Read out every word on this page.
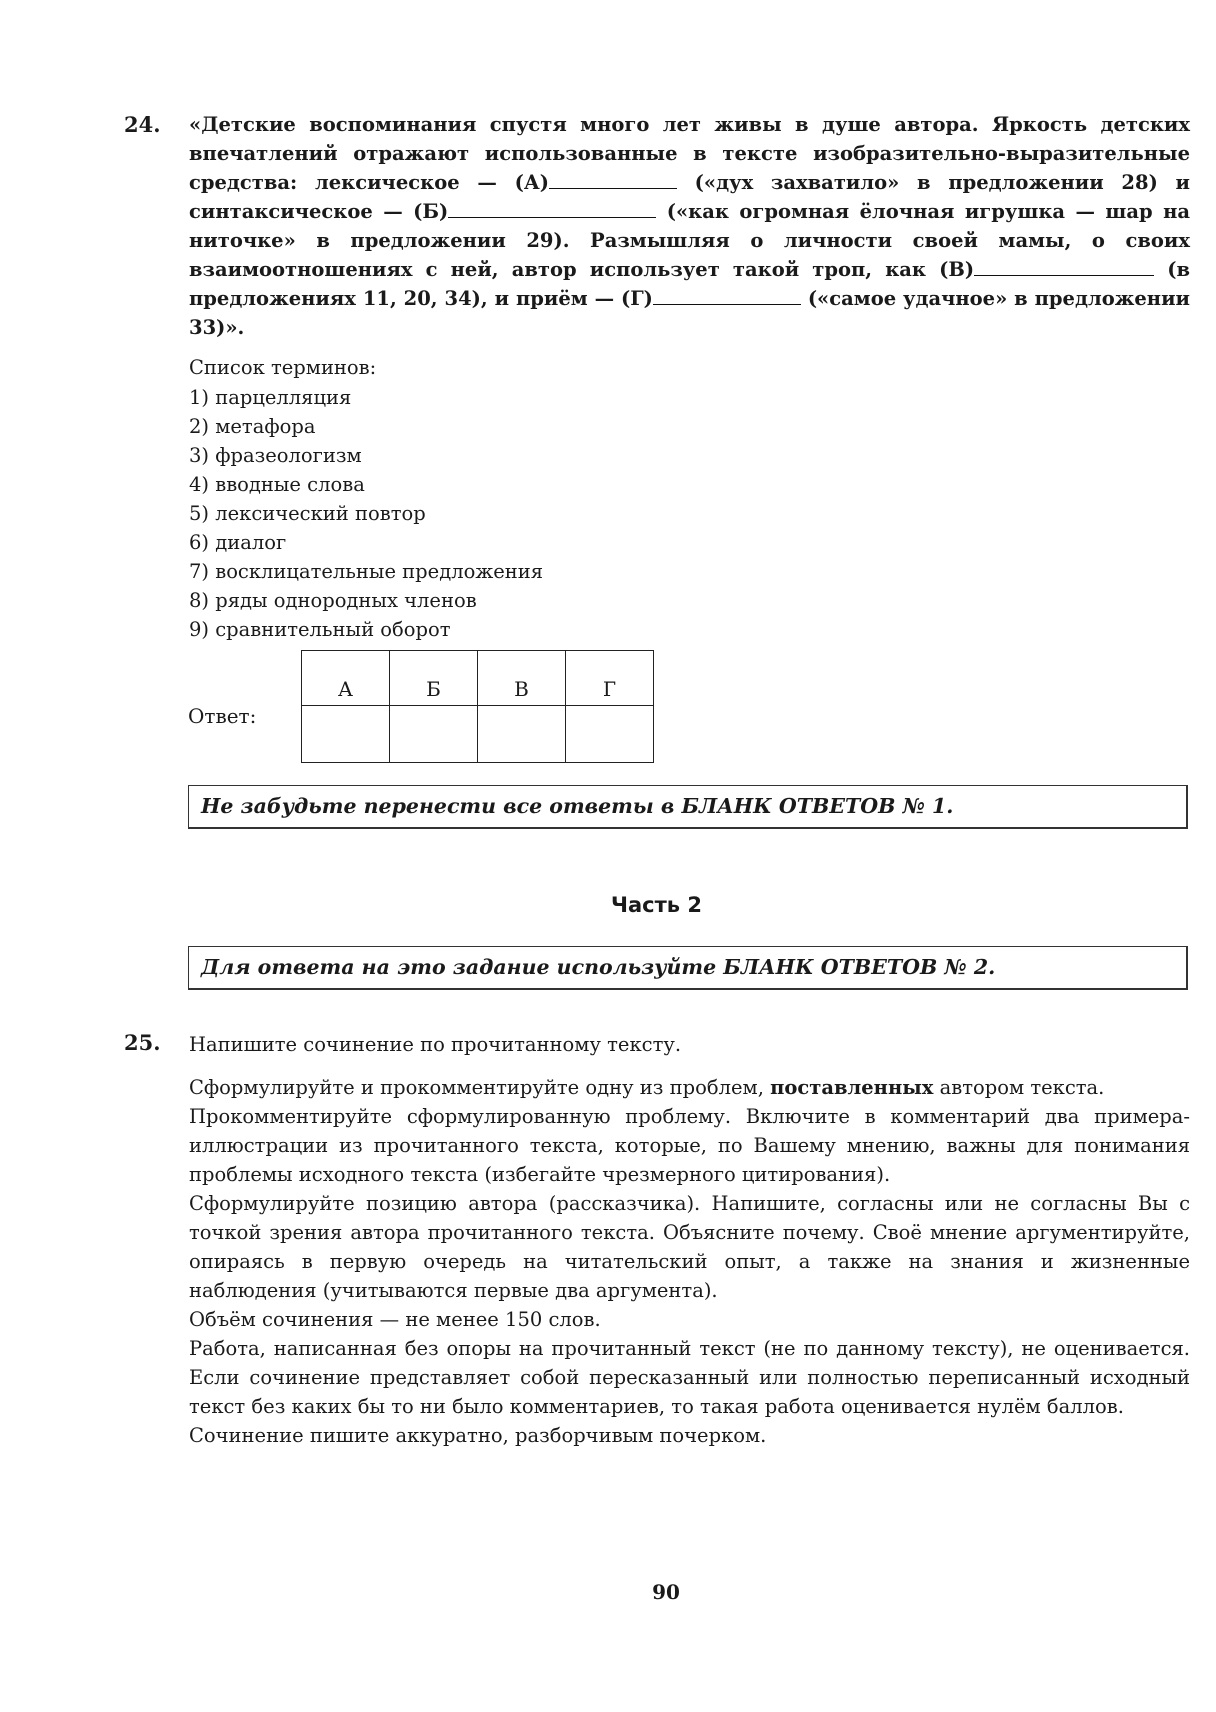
24. «Детские воспоминания спустя много лет живы в душе автора. Яркость детских впечатлений отражают использованные в тексте изобразительно-выразительные средства: лексическое — (А)	(«дух захватило» в предложении 28) и синтаксическое — (Б)	(«как огромная ёлочная игрушка — шар на ниточке» в предложении 29). Размышляя о личности своей мамы, о своих взаимоотношениях с ней, автор использует такой троп, как (В)	(в предложениях 11, 20, 34), и приём — (Г)	(«самое удачное» в предложении 33)».

Список терминов:
1) парцелляция
2) метафора
3) фразеологизм
4) вводные слова
5) лексический повтор
6) диалог
7) восклицательные предложения
8) ряды однородных членов
9) сравнительный оборот
Ответ:
А	Б	В	Г

Не забудьте перенести все ответы в БЛАНК ОТВЕТОВ № 1.
Часть 2
Для ответа на это задание используйте БЛАНК ОТВЕТОВ № 2.
25. Напишите сочинение по прочитанному тексту.

Сформулируйте и прокомментируйте одну из проблем, поставленных автором текста.

Прокомментируйте сформулированную проблему. Включите в комментарий два примера-иллюстрации из прочитанного текста, которые, по Вашему мнению, важны для понимания проблемы исходного текста (избегайте чрезмерного цитирования).

Сформулируйте позицию автора (рассказчика). Напишите, согласны или не согласны Вы с точкой зрения автора прочитанного текста. Объясните почему. Своё мнение аргументируйте, опираясь в первую очередь на читательский опыт, а также на знания и жизненные наблюдения (учитываются первые два аргумента).

Объём сочинения — не менее 150 слов.

Работа, написанная без опоры на прочитанный текст (не по данному тексту), не оценивается. Если сочинение представляет собой пересказанный или полностью переписанный исходный текст без каких бы то ни было комментариев, то такая работа оценивается нулём баллов.

Сочинение пишите аккуратно, разборчивым почерком.

90
